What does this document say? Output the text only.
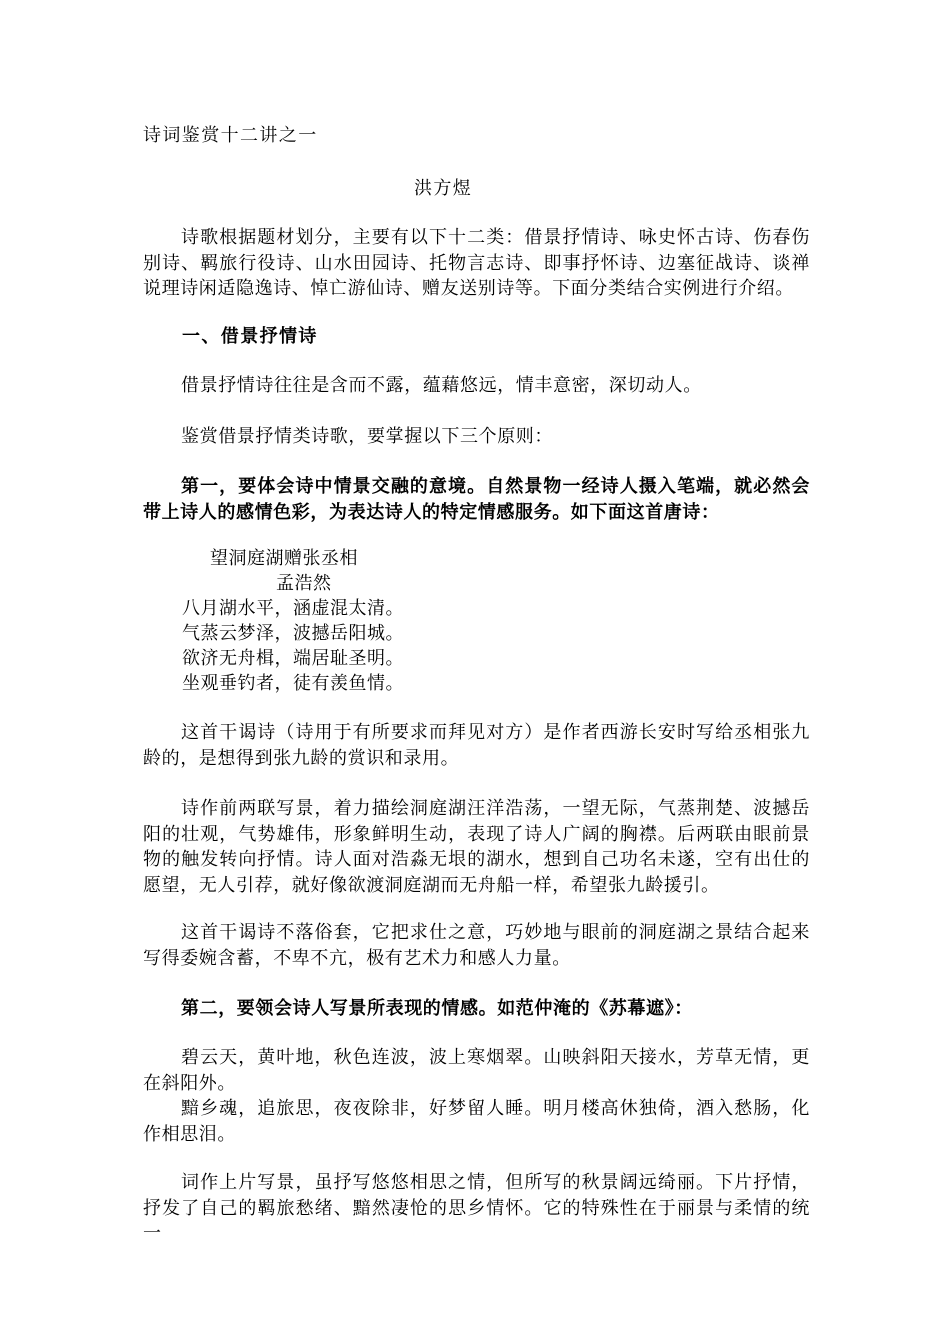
诗词鉴赏十二讲之一
洪方煜
诗歌根据题材划分，主要有以下十二类：借景抒情诗、咏史怀古诗、伤春伤别诗、羁旅行役诗、山水田园诗、托物言志诗、即事抒怀诗、边塞征战诗、谈禅说理诗闲适隐逸诗、悼亡游仙诗、赠友送别诗等。下面分类结合实例进行介绍。
一、借景抒情诗
借景抒情诗往往是含而不露，蕴藉悠远，情丰意密，深切动人。
鉴赏借景抒情类诗歌，要掌握以下三个原则：
第一，要体会诗中情景交融的意境。自然景物一经诗人摄入笔端，就必然会带上诗人的感情色彩，为表达诗人的特定情感服务。如下面这首唐诗：
望洞庭湖赠张丞相
孟浩然
八月湖水平，涵虚混太清。
气蒸云梦泽，波撼岳阳城。
欲济无舟楫，端居耻圣明。
坐观垂钓者，徒有羡鱼情。
这首干谒诗（诗用于有所要求而拜见对方）是作者西游长安时写给丞相张九龄的，是想得到张九龄的赏识和录用。
诗作前两联写景，着力描绘洞庭湖汪洋浩荡，一望无际，气蒸荆楚、波撼岳阳的壮观，气势雄伟，形象鲜明生动，表现了诗人广阔的胸襟。后两联由眼前景物的触发转向抒情。诗人面对浩淼无垠的湖水，想到自己功名未遂，空有出仕的愿望，无人引荐，就好像欲渡洞庭湖而无舟船一样，希望张九龄援引。
这首干谒诗不落俗套，它把求仕之意，巧妙地与眼前的洞庭湖之景结合起来写得委婉含蓄，不卑不亢，极有艺术力和感人力量。
第二，要领会诗人写景所表现的情感。如范仲淹的《苏幕遮》：
碧云天，黄叶地，秋色连波，波上寒烟翠。山映斜阳天接水，芳草无情，更在斜阳外。
黯乡魂，追旅思，夜夜除非，好梦留人睡。明月楼高休独倚，酒入愁肠，化作相思泪。
词作上片写景，虽抒写悠悠相思之情，但所写的秋景阔远绮丽。下片抒情，抒发了自己的羁旅愁绪、黯然凄怆的思乡情怀。它的特殊性在于丽景与柔情的统一
